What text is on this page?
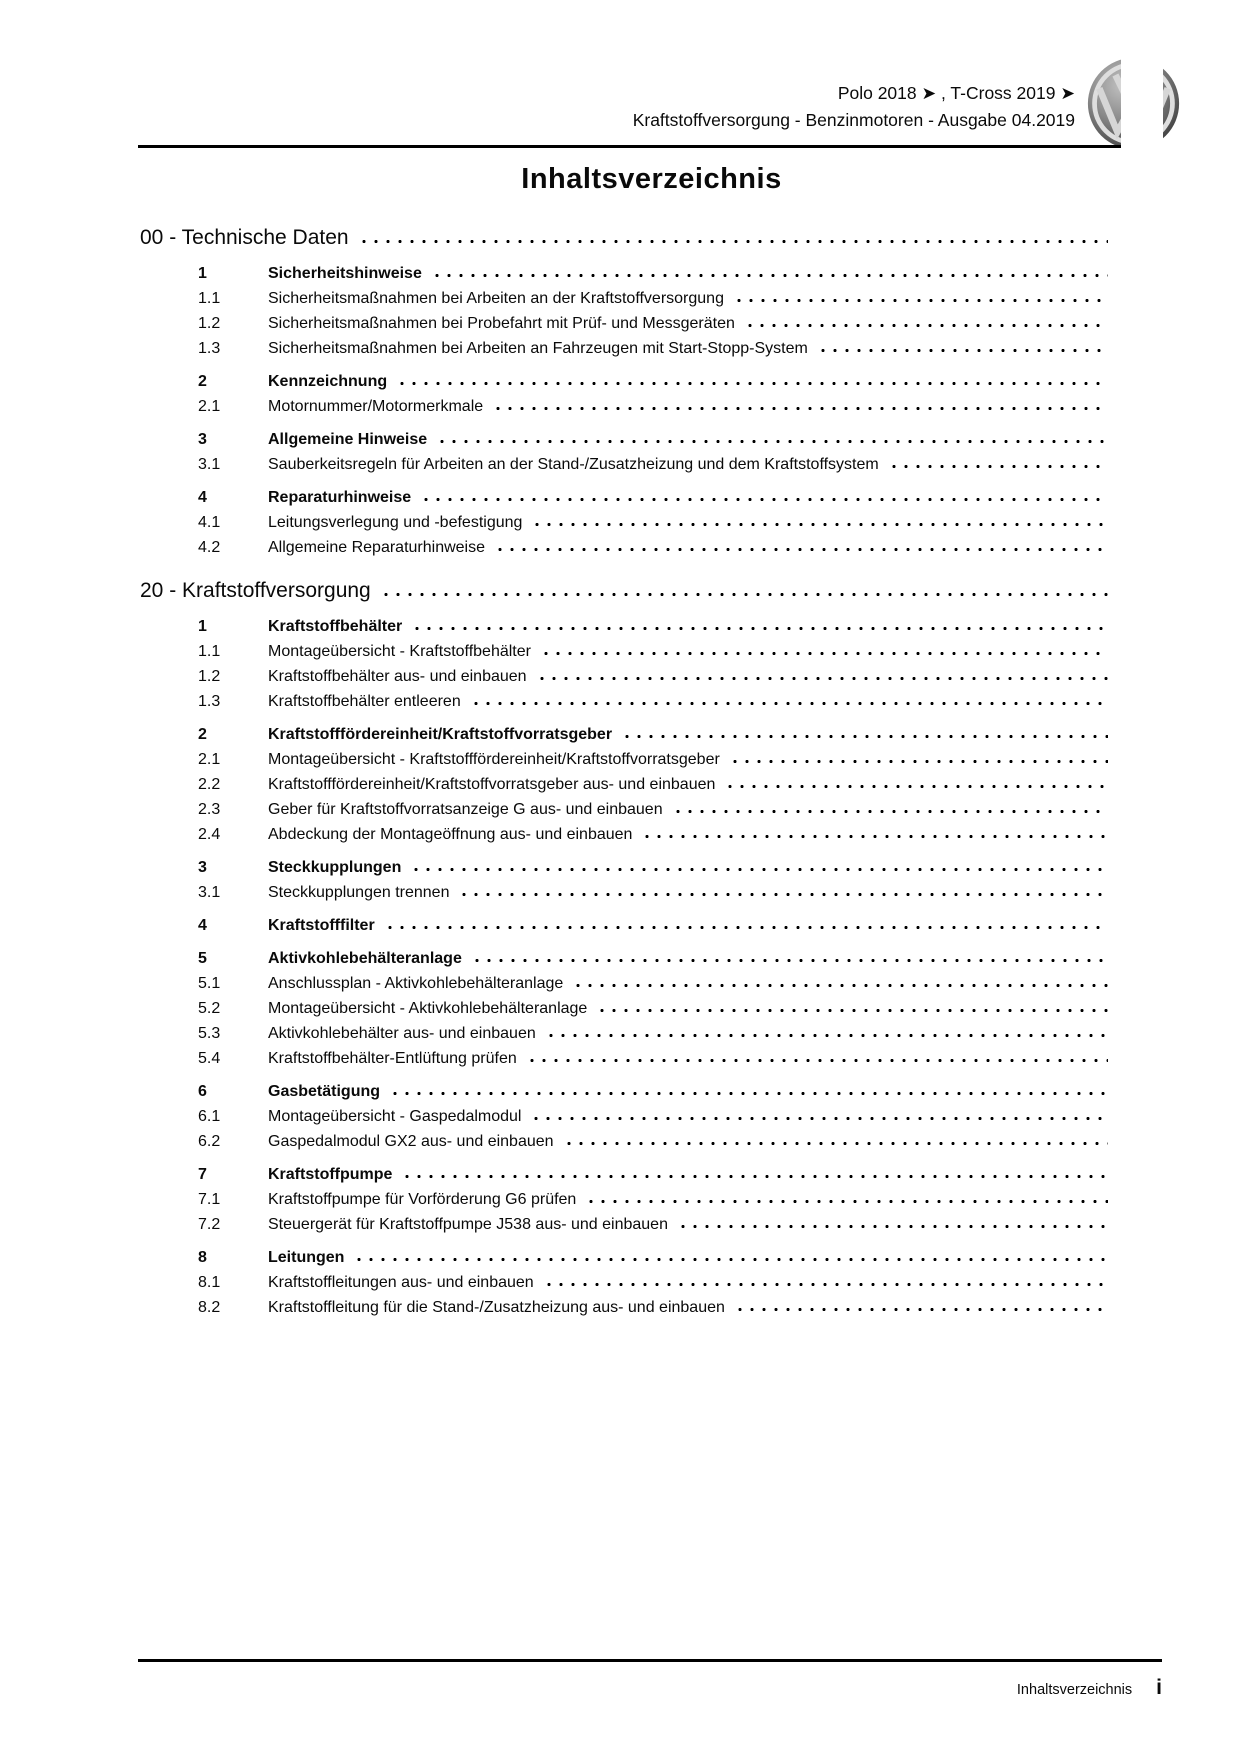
Polo 2018 ➤ , T-Cross 2019 ➤
Kraftstoffversorgung - Benzinmotoren - Ausgabe 04.2019
Inhaltsverzeichnis
00 - Technische Daten
1	Sicherheitshinweise
1.1	Sicherheitsmaßnahmen bei Arbeiten an der Kraftstoffversorgung
1.2	Sicherheitsmaßnahmen bei Probefahrt mit Prüf- und Messgeräten
1.3	Sicherheitsmaßnahmen bei Arbeiten an Fahrzeugen mit Start-Stopp-System
2	Kennzeichnung
2.1	Motornummer/Motormerkmale
3	Allgemeine Hinweise
3.1	Sauberkeitsregeln für Arbeiten an der Stand-/Zusatzheizung und dem Kraftstoffsystem
4	Reparaturhinweise
4.1	Leitungsverlegung und -befestigung
4.2	Allgemeine Reparaturhinweise
20 - Kraftstoffversorgung
1	Kraftstoffbehälter
1.1	Montageübersicht - Kraftstoffbehälter
1.2	Kraftstoffbehälter aus- und einbauen
1.3	Kraftstoffbehälter entleeren
2	Kraftstofffördereinheit/Kraftstoffvorratsgeber
2.1	Montageübersicht - Kraftstofffördereinheit/Kraftstoffvorratsgeber
2.2	Kraftstofffördereinheit/Kraftstoffvorratsgeber aus- und einbauen
2.3	Geber für Kraftstoffvorratsanzeige G aus- und einbauen
2.4	Abdeckung der Montageöffnung aus- und einbauen
3	Steckkupplungen
3.1	Steckkupplungen trennen
4	Kraftstofffilter
5	Aktivkohlebehälteranlage
5.1	Anschlussplan - Aktivkohlebehälteranlage
5.2	Montageübersicht - Aktivkohlebehälteranlage
5.3	Aktivkohlebehälter aus- und einbauen
5.4	Kraftstoffbehälter-Entlüftung prüfen
6	Gasbetätigung
6.1	Montageübersicht - Gaspedalmodul
6.2	Gaspedalmodul GX2 aus- und einbauen
7	Kraftstoffpumpe
7.1	Kraftstoffpumpe für Vorförderung G6 prüfen
7.2	Steuergerät für Kraftstoffpumpe J538 aus- und einbauen
8	Leitungen
8.1	Kraftstoffleitungen aus- und einbauen
8.2	Kraftstoffleitung für die Stand-/Zusatzheizung aus- und einbauen
Inhaltsverzeichnis i
